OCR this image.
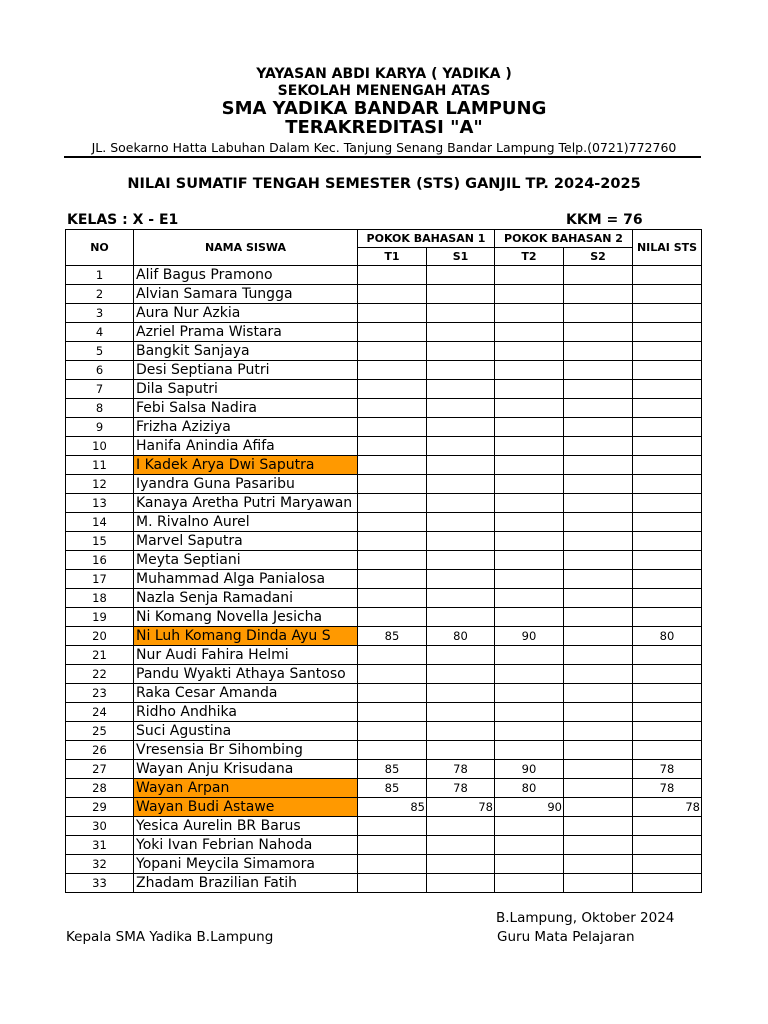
YAYASAN ABDI KARYA ( YADIKA )
SEKOLAH MENENGAH ATAS
SMA YADIKA BANDAR LAMPUNG
TERAKREDITASI "A"
JL. Soekarno Hatta Labuhan Dalam Kec. Tanjung Senang Bandar Lampung Telp.(0721)772760
NILAI SUMATIF TENGAH SEMESTER (STS) GANJIL TP. 2024-2025
KELAS : X - E1	KKM = 76
NO	NAMA SISWA	POKOK BAHASAN 1		POKOK BAHASAN 2		NILAI STS
		T1	S1	T2	S2	
1	Alif Bagus Pramono					
2	Alvian Samara Tungga					
3	Aura Nur Azkia					
4	Azriel Prama Wistara					
5	Bangkit Sanjaya					
6	Desi Septiana Putri					
7	Dila Saputri					
8	Febi Salsa Nadira					
9	Frizha Aziziya					
10	Hanifa Anindia Afifa					
11	I Kadek Arya Dwi Saputra					
12	Iyandra Guna Pasaribu					
13	Kanaya Aretha Putri Maryawan					
14	M. Rivalno Aurel					
15	Marvel Saputra					
16	Meyta Septiani					
17	Muhammad Alga Panialosa					
18	Nazla Senja Ramadani					
19	Ni Komang Novella Jesicha					
20	Ni Luh Komang Dinda Ayu S	85	80	90		80
21	Nur Audi Fahira Helmi					
22	Pandu Wyakti Athaya Santoso					
23	Raka Cesar Amanda					
24	Ridho Andhika					
25	Suci Agustina					
26	Vresensia Br Sihombing					
27	Wayan Anju Krisudana	85	78	90		78
28	Wayan Arpan	85	78	80		78
29	Wayan Budi Astawe	85	78	90		78
30	Yesica Aurelin BR Barus					
31	Yoki Ivan Febrian Nahoda					
32	Yopani Meycila Simamora					
33	Zhadam Brazilian Fatih					
B.Lampung, Oktober 2024
Kepala SMA Yadika B.Lampung	Guru Mata Pelajaran
